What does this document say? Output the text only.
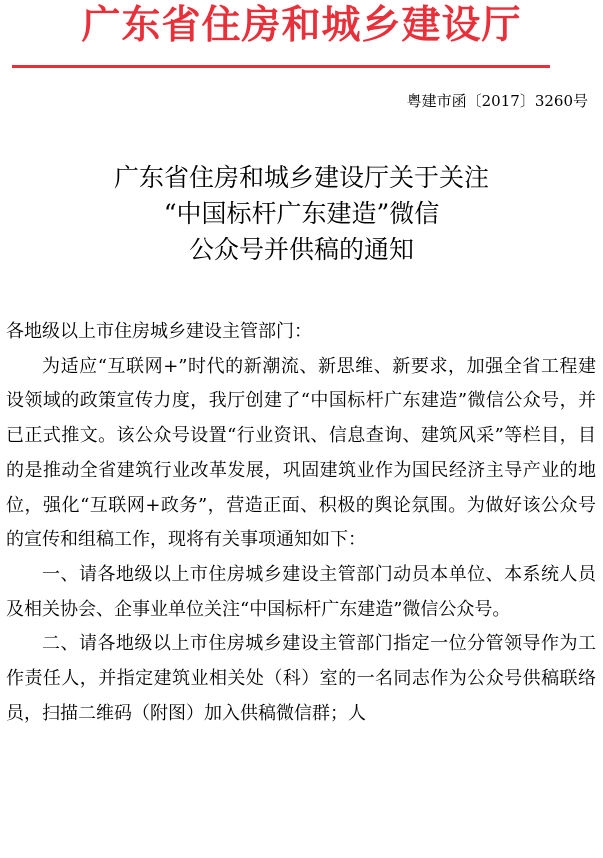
广东省住房和城乡建设厅
粤建市函〔2017〕3260号
广东省住房和城乡建设厅关于关注
“中国标杆广东建造”微信
公众号并供稿的通知

各地级以上市住房城乡建设主管部门：

为适应“互联网+”时代的新潮流、新思维、新要求，加强全省工程建设领域的政策宣传力度，我厅创建了“中国标杆广东建造”微信公众号，并已正式推文。该公众号设置“行业资讯、信息查询、建筑风采”等栏目，目的是推动全省建筑行业改革发展，巩固建筑业作为国民经济主导产业的地位，强化“互联网+政务”，营造正面、积极的舆论氛围。为做好该公众号的宣传和组稿工作，现将有关事项通知如下：

一、请各地级以上市住房城乡建设主管部门动员本单位、本系统人员及相关协会、企事业单位关注“中国标杆广东建造”微信公众号。

二、请各地级以上市住房城乡建设主管部门指定一位分管领导作为工作责任人，并指定建筑业相关处（科）室的一名同志作为公众号供稿联络员，扫描二维码（附图）加入供稿微信群；人
